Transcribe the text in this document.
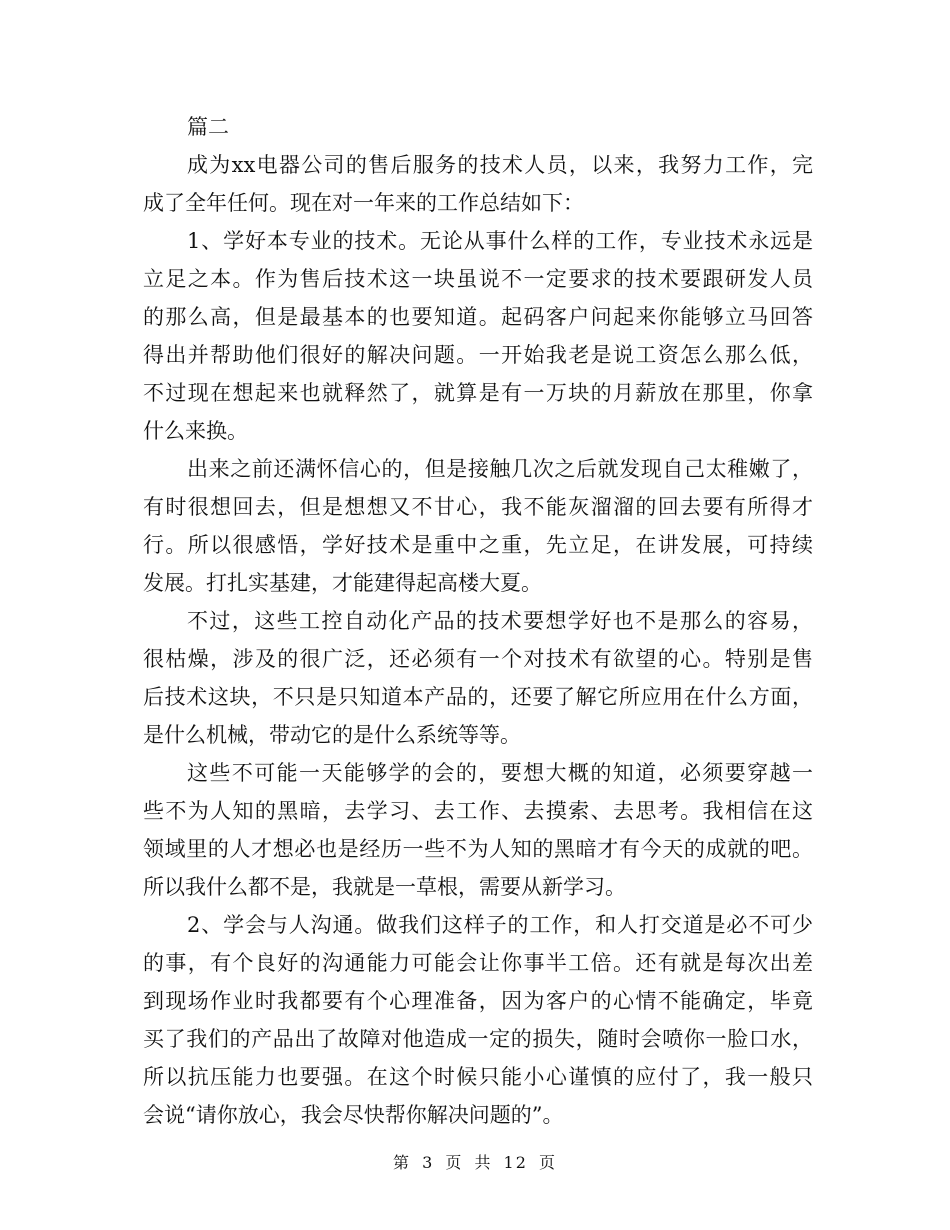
篇二
成为xx电器公司的售后服务的技术人员，以来，我努力工作，完
成了全年任何。现在对一年来的工作总结如下：
1、学好本专业的技术。无论从事什么样的工作，专业技术永远是
立足之本。作为售后技术这一块虽说不一定要求的技术要跟研发人员
的那么高，但是最基本的也要知道。起码客户问起来你能够立马回答
得出并帮助他们很好的解决问题。一开始我老是说工资怎么那么低，
不过现在想起来也就释然了，就算是有一万块的月薪放在那里，你拿
什么来换。
出来之前还满怀信心的，但是接触几次之后就发现自己太稚嫩了，
有时很想回去，但是想想又不甘心，我不能灰溜溜的回去要有所得才
行。所以很感悟，学好技术是重中之重，先立足，在讲发展，可持续
发展。打扎实基建，才能建得起高楼大夏。
不过，这些工控自动化产品的技术要想学好也不是那么的容易，
很枯燥，涉及的很广泛，还必须有一个对技术有欲望的心。特别是售
后技术这块，不只是只知道本产品的，还要了解它所应用在什么方面，
是什么机械，带动它的是什么系统等等。
这些不可能一天能够学的会的，要想大概的知道，必须要穿越一
些不为人知的黑暗，去学习、去工作、去摸索、去思考。我相信在这
领域里的人才想必也是经历一些不为人知的黑暗才有今天的成就的吧。
所以我什么都不是，我就是一草根，需要从新学习。
2、学会与人沟通。做我们这样子的工作，和人打交道是必不可少
的事，有个良好的沟通能力可能会让你事半工倍。还有就是每次出差
到现场作业时我都要有个心理准备，因为客户的心情不能确定，毕竟
买了我们的产品出了故障对他造成一定的损失，随时会喷你一脸口水，
所以抗压能力也要强。在这个时候只能小心谨慎的应付了，我一般只
会说“请你放心，我会尽快帮你解决问题的”。
第 3 页 共 12 页
